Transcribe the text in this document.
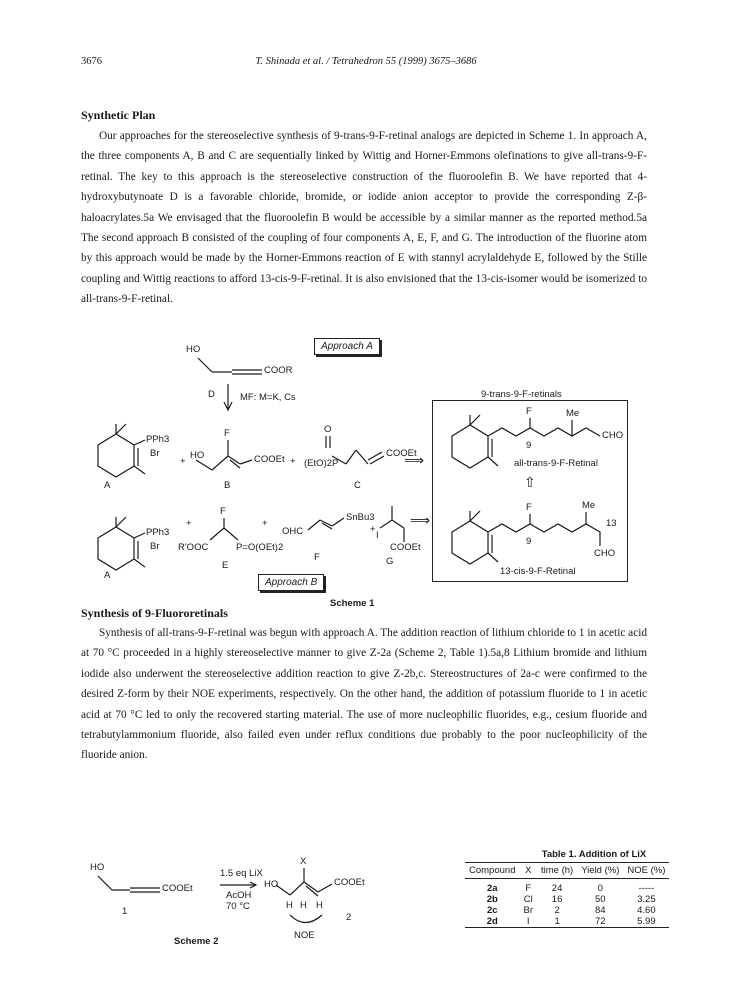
3676	T. Shinada et al. / Tetrahedron 55 (1999) 3675–3686
Synthetic Plan

Our approaches for the stereoselective synthesis of 9-trans-9-F-retinal analogs are depicted in Scheme 1. In approach A, the three components A, B and C are sequentially linked by Wittig and Horner-Emmons olefinations to give all-trans-9-F-retinal. The key to this approach is the stereoselective construction of the fluoroolefin B. We have reported that 4-hydroxybutynoate D is a favorable chloride, bromide, or iodide anion acceptor to provide the corresponding Z-β-haloacrylates.5a We envisaged that the fluoroolefin B would be accessible by a similar manner as the reported method.5a The second approach B consisted of the coupling of four components A, E, F, and G. The introduction of the fluorine atom by this approach would be made by the Horner-Emmons reaction of E with stannyl acrylaldehyde E, followed by the Stille coupling and Wittig reactions to afford 13-cis-9-F-retinal. It is also envisioned that the 13-cis-isomer would be isomerized to all-trans-9-F-retinal.

9-trans-9-F-retinals
Approach A
Approach B
HO
COOR
D	MF: M=K, Cs
PPh3
Br
A
+
HO
F
COOEt
B
+ (EtO)2P
O
COOEt
C
⟹
F	Me
CHO
9
all-trans-9-F-Retinal
⇧
PPh3
Br
A
+
F
R'OOC	P=O(OEt)2
E
+
OHC
SnBu3
F
+
I
COOEt
G
⟹
F	Me
13
9
CHO
13-cis-9-F-Retinal
Scheme 1
Synthesis of 9-Fluororetinals

Synthesis of all-trans-9-F-retinal was begun with approach A. The addition reaction of lithium chloride to 1 in acetic acid at 70 °C proceeded in a highly stereoselective manner to give Z-2a (Scheme 2, Table 1).5a,8 Lithium bromide and lithium iodide also underwent the stereoselective addition reaction to give Z-2b,c. Stereostructures of 2a-c were confirmed to the desired Z-form by their NOE experiments, respectively. On the other hand, the addition of potassium fluoride to 1 in acetic acid at 70 °C led to only the recovered starting material. The use of more nucleophilic fluorides, e.g., cesium fluoride and tetrabutylammonium fluoride, also failed even under reflux conditions due probably to the poor nucleophilicity of the fluoride anion.

HO
COOEt
1
1.5 eq LiX
AcOH
70 °C
HO
X
COOEt
H H H
2
NOE
Scheme 2
Table 1. Addition of LiX
Compound	X	time (h)	Yield (%)	NOE (%)
2a	F	24	0	-----
2b	Cl	16	50	3.25
2c	Br	2	84	4.60
2d	I	1	72	5.99
